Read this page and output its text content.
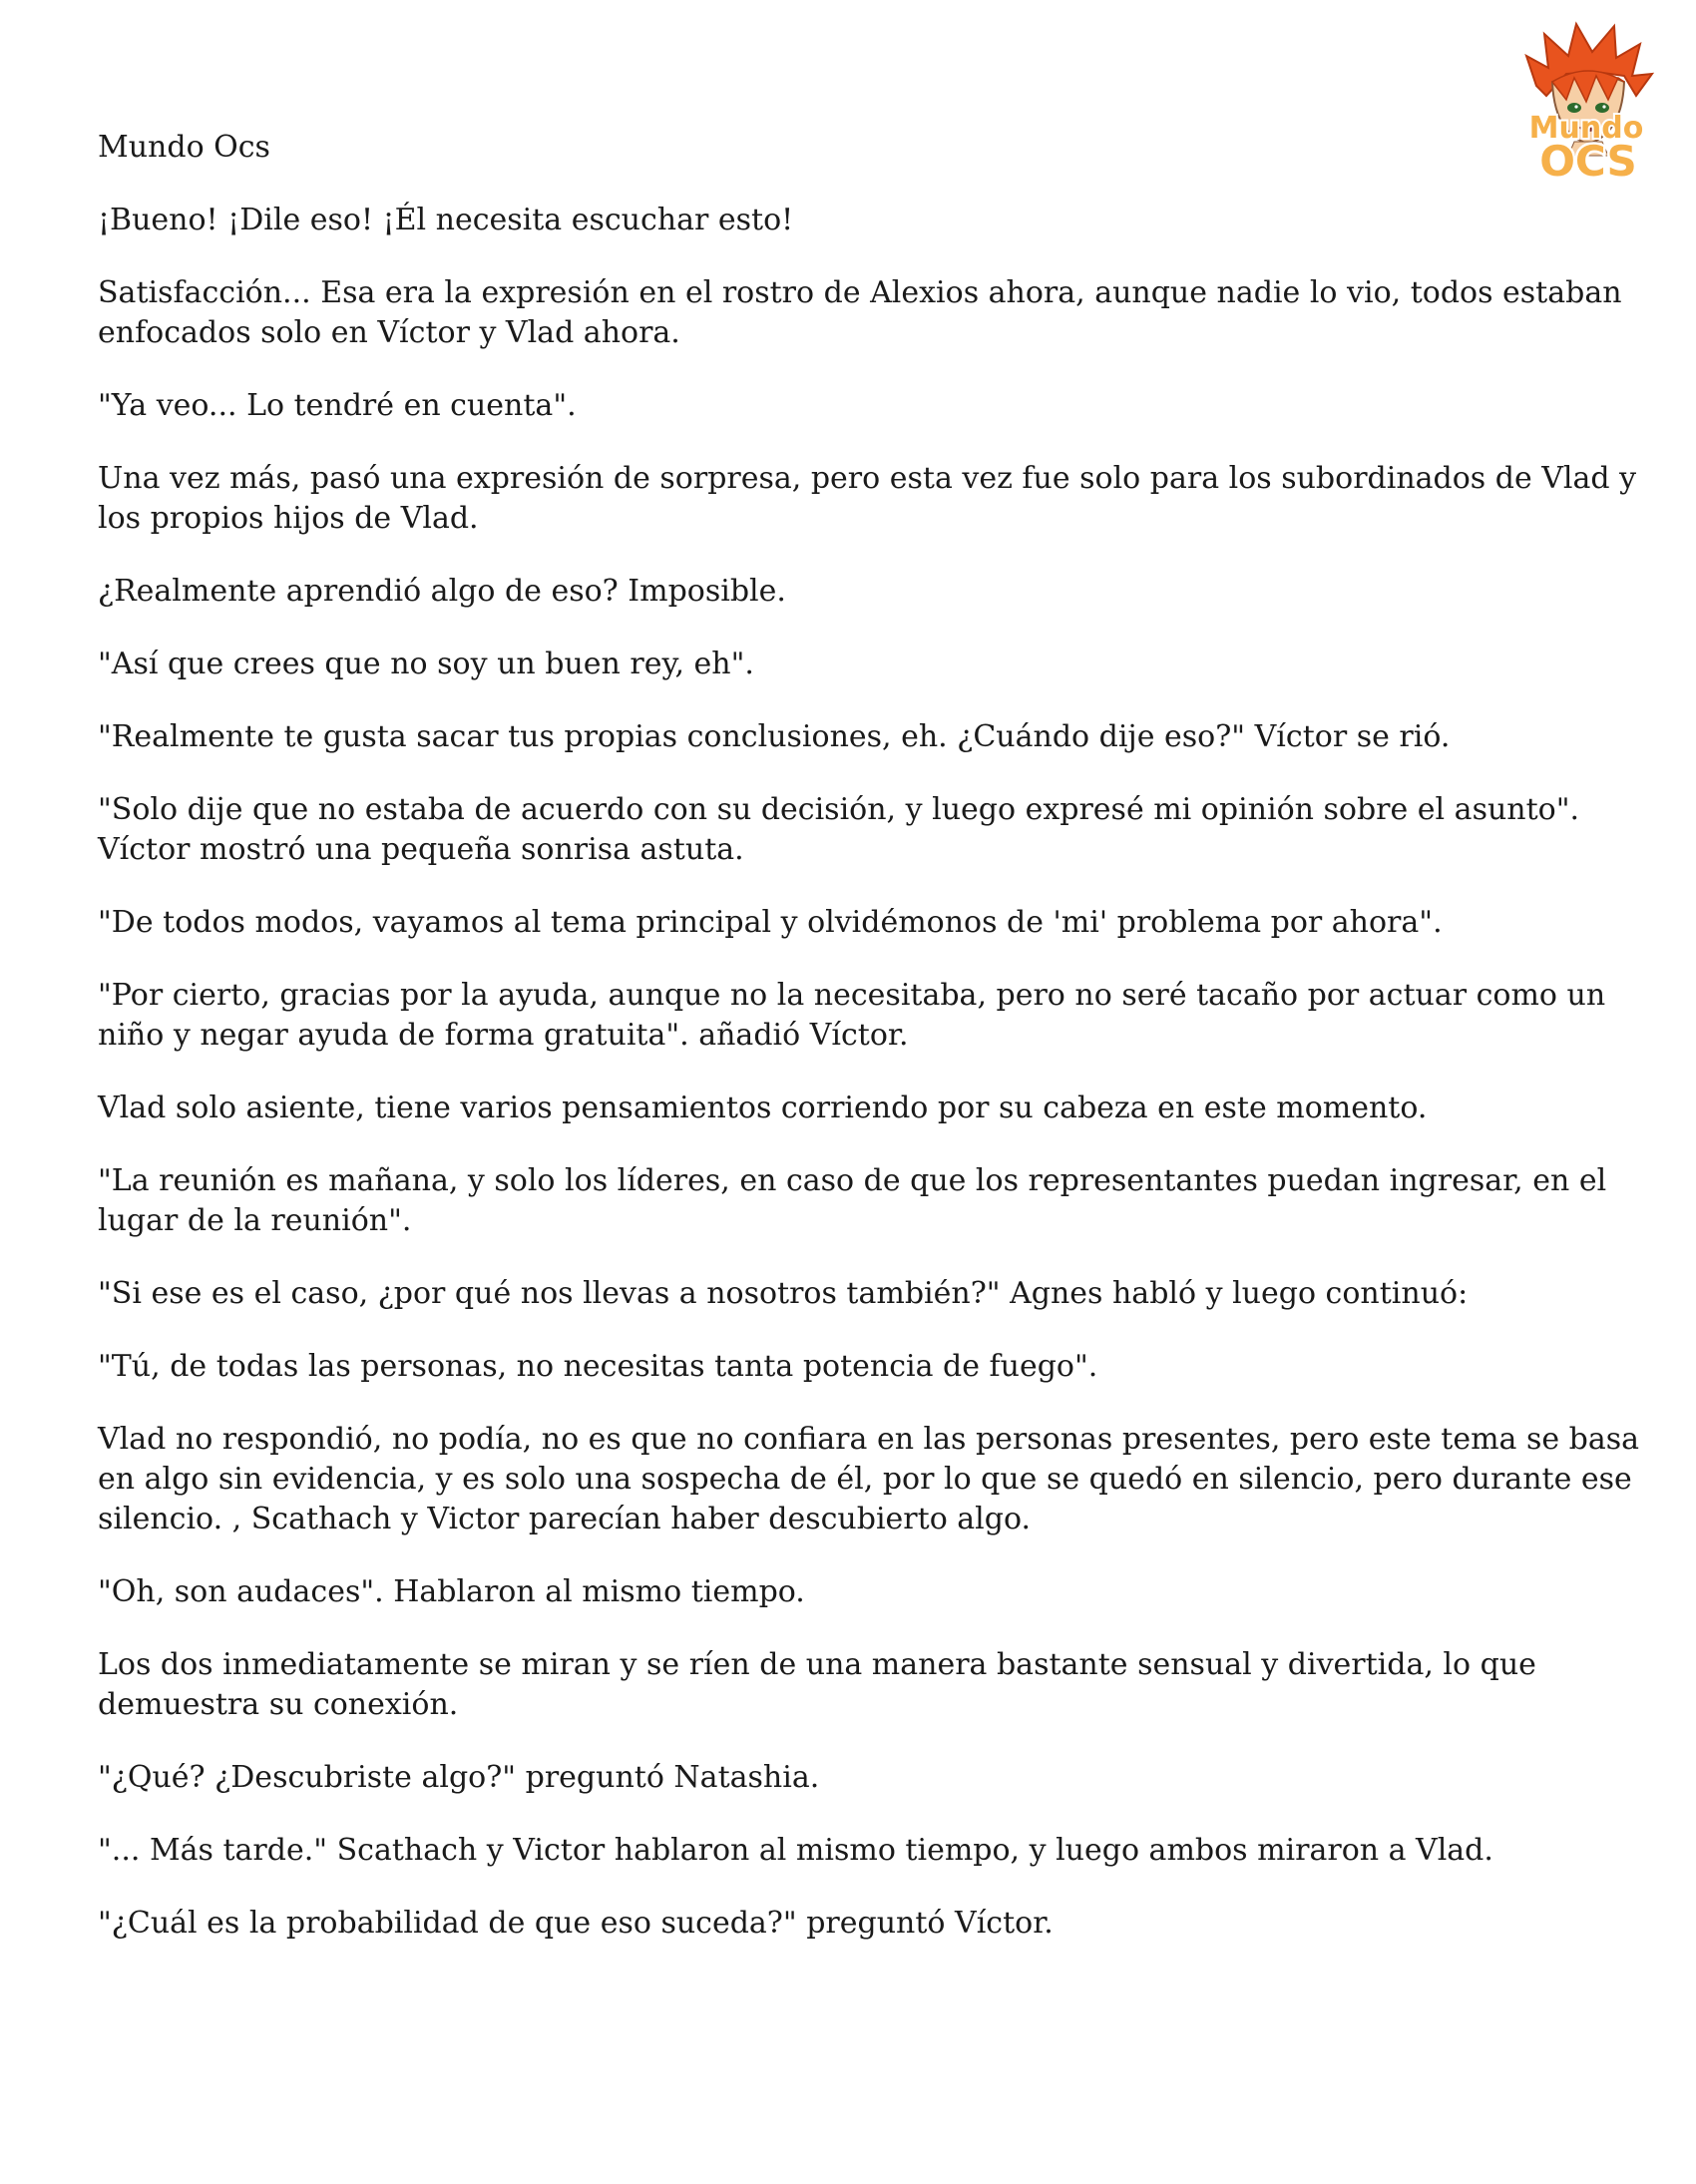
Mundo
OCS

Mundo Ocs

¡Bueno! ¡Dile eso! ¡Él necesita escuchar esto!

Satisfacción... Esa era la expresión en el rostro de Alexios ahora, aunque nadie lo vio, todos estaban enfocados solo en Víctor y Vlad ahora.

"Ya veo... Lo tendré en cuenta".

Una vez más, pasó una expresión de sorpresa, pero esta vez fue solo para los subordinados de Vlad y los propios hijos de Vlad.

¿Realmente aprendió algo de eso? Imposible.

"Así que crees que no soy un buen rey, eh".

"Realmente te gusta sacar tus propias conclusiones, eh. ¿Cuándo dije eso?" Víctor se rió.

"Solo dije que no estaba de acuerdo con su decisión, y luego expresé mi opinión sobre el asunto". Víctor mostró una pequeña sonrisa astuta.

"De todos modos, vayamos al tema principal y olvidémonos de 'mi' problema por ahora".

"Por cierto, gracias por la ayuda, aunque no la necesitaba, pero no seré tacaño por actuar como un niño y negar ayuda de forma gratuita". añadió Víctor.

Vlad solo asiente, tiene varios pensamientos corriendo por su cabeza en este momento.

"La reunión es mañana, y solo los líderes, en caso de que los representantes puedan ingresar, en el lugar de la reunión".

"Si ese es el caso, ¿por qué nos llevas a nosotros también?" Agnes habló y luego continuó:

"Tú, de todas las personas, no necesitas tanta potencia de fuego".

Vlad no respondió, no podía, no es que no confiara en las personas presentes, pero este tema se basa en algo sin evidencia, y es solo una sospecha de él, por lo que se quedó en silencio, pero durante ese silencio. , Scathach y Victor parecían haber descubierto algo.

"Oh, son audaces". Hablaron al mismo tiempo.

Los dos inmediatamente se miran y se ríen de una manera bastante sensual y divertida, lo que demuestra su conexión.

"¿Qué? ¿Descubriste algo?" preguntó Natashia.

"... Más tarde." Scathach y Victor hablaron al mismo tiempo, y luego ambos miraron a Vlad.

"¿Cuál es la probabilidad de que eso suceda?" preguntó Víctor.
